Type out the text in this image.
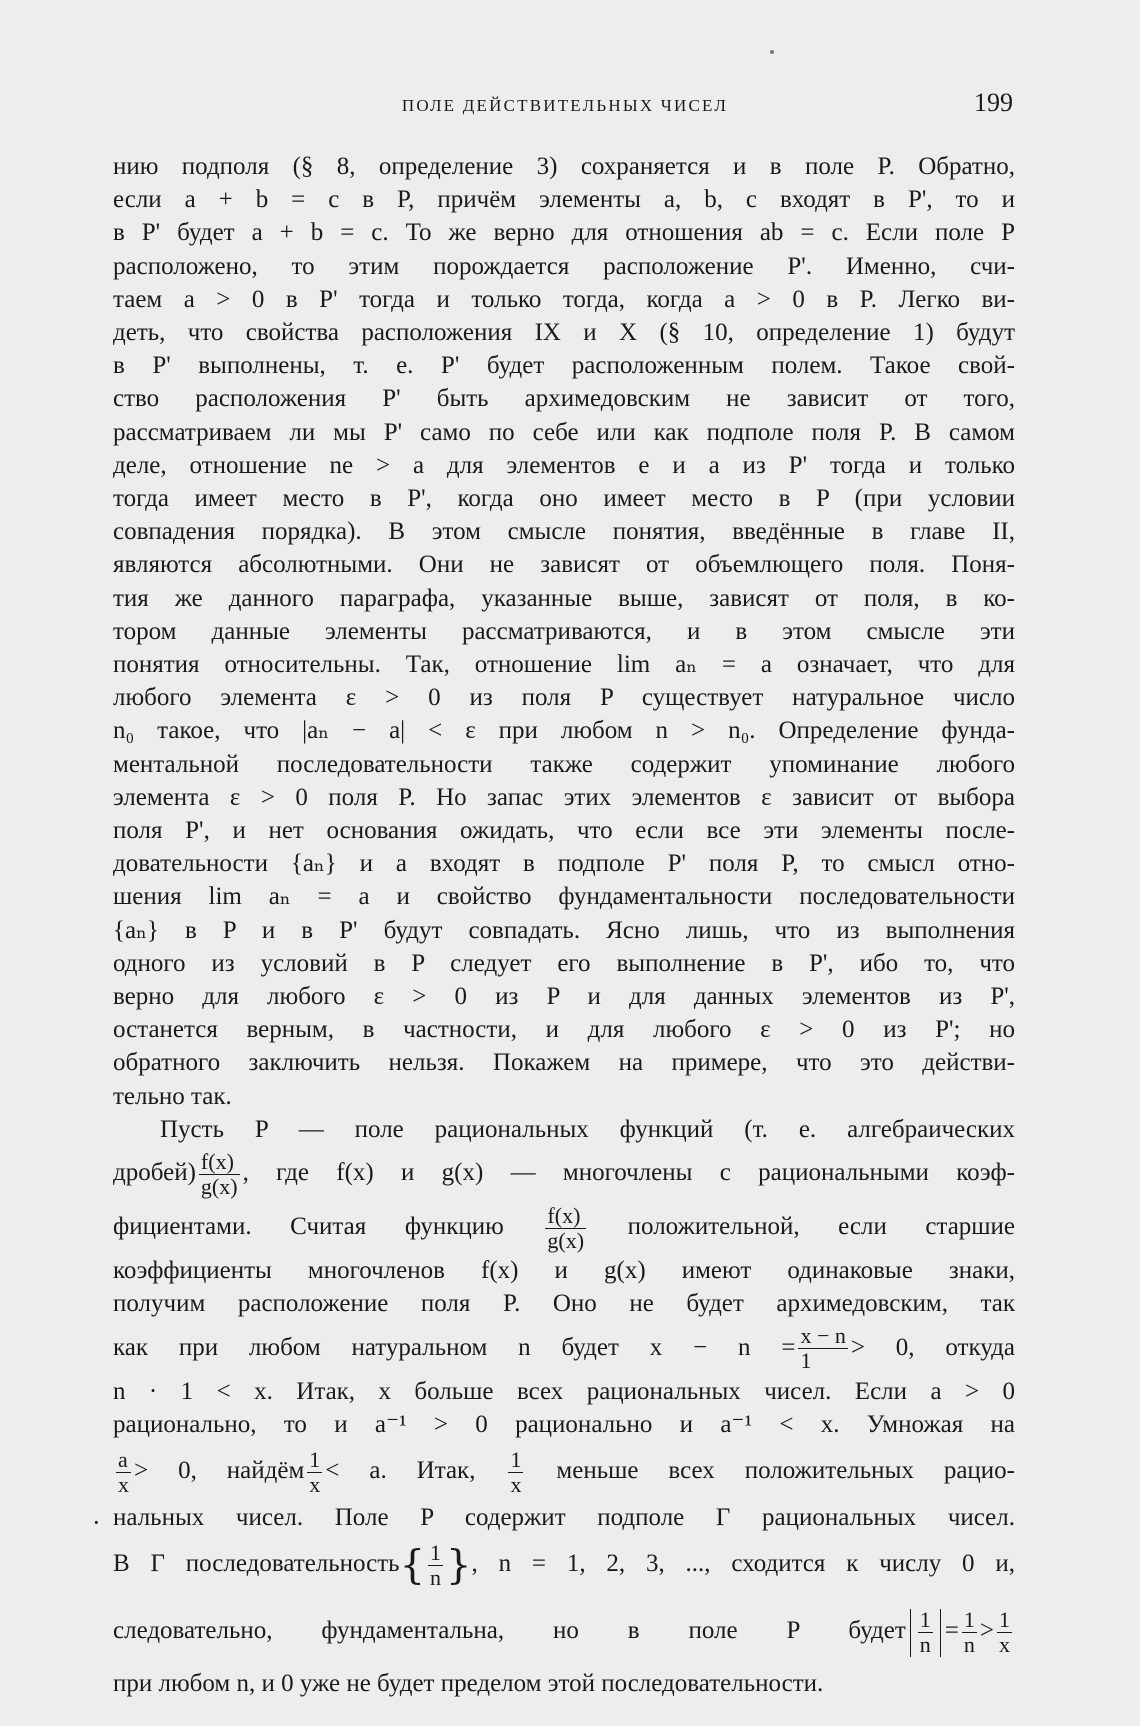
ПОЛЕ ДЕЙСТВИТЕЛЬНЫХ ЧИСЕЛ	199
нию подполя (§ 8, определение 3) сохраняется и в поле P. Обратно,
если a + b = c в P, причём элементы a, b, c входят в P', то и
в P' будет a + b = c. То же верно для отношения ab = c. Если поле P
расположено, то этим порождается расположение P'. Именно, счи-
таем a > 0 в P' тогда и только тогда, когда a > 0 в P. Легко ви-
деть, что свойства расположения IX и X (§ 10, определение 1) будут
в P' выполнены, т. е. P' будет расположенным полем. Такое свой-
ство расположения P' быть архимедовским не зависит от того,
рассматриваем ли мы P' само по себе или как подполе поля P. В самом
деле, отношение ne > a для элементов e и a из P' тогда и только
тогда имеет место в P', когда оно имеет место в P (при условии
совпадения порядка). В этом смысле понятия, введённые в главе II,
являются абсолютными. Они не зависят от объемлющего поля. Поня-
тия же данного параграфа, указанные выше, зависят от поля, в ко-
тором данные элементы рассматриваются, и в этом смысле эти
понятия относительны. Так, отношение lim aₙ = a означает, что для
любого элемента ε > 0 из поля P существует натуральное число
n₀ такое, что |aₙ − a| < ε при любом n > n₀. Определение фунда-
ментальной последовательности также содержит упоминание любого
элемента ε > 0 поля P. Но запас этих элементов ε зависит от выбора
поля P', и нет основания ожидать, что если все эти элементы после-
довательности {aₙ} и a входят в подполе P' поля P, то смысл отно-
шения lim aₙ = a и свойство фундаментальности последовательности
{aₙ} в P и в P' будут совпадать. Ясно лишь, что из выполнения
одного из условий в P следует его выполнение в P', ибо то, что
верно для любого ε > 0 из P и для данных элементов из P',
останется верным, в частности, и для любого ε > 0 из P'; но
обратного заключить нельзя. Покажем на примере, что это действи-
тельно так.
Пусть P — поле рациональных функций (т. е. алгебраических
дробей) $\frac{f(x)}{g(x)}$ , где f(x) и g(x) — многочлены с рациональными коэф-
фициентами. Считая функцию $\frac{f(x)}{g(x)}$ положительной, если старшие
коэффициенты многочленов f(x) и g(x) имеют одинаковые знаки,
получим расположение поля P. Оно не будет архимедовским, так
как при любом натуральном n будет $x - n = \frac{x - n}{1} > 0$, откуда
n · 1 < x. Итак, x больше всех рациональных чисел. Если a > 0
рационально, то и a⁻¹ > 0 рационально и a⁻¹ < x. Умножая на
$\frac{a}{x} > 0$, найдём $\frac{1}{x} < a$. Итак, $\frac{1}{x}$ меньше всех положительных рацио-
нальных чисел. Поле P содержит подполе Γ рациональных чисел.
В Γ последовательность{ $\frac{1}{n}$ }, n = 1, 2, 3, ..., сходится к числу 0 и,
следовательно, фундаментальна, но в поле P будет $\frac{1}{n} = \frac{1}{n} > \frac{1}{x}$
при любом n, и 0 уже не будет пределом этой последовательности.
·
